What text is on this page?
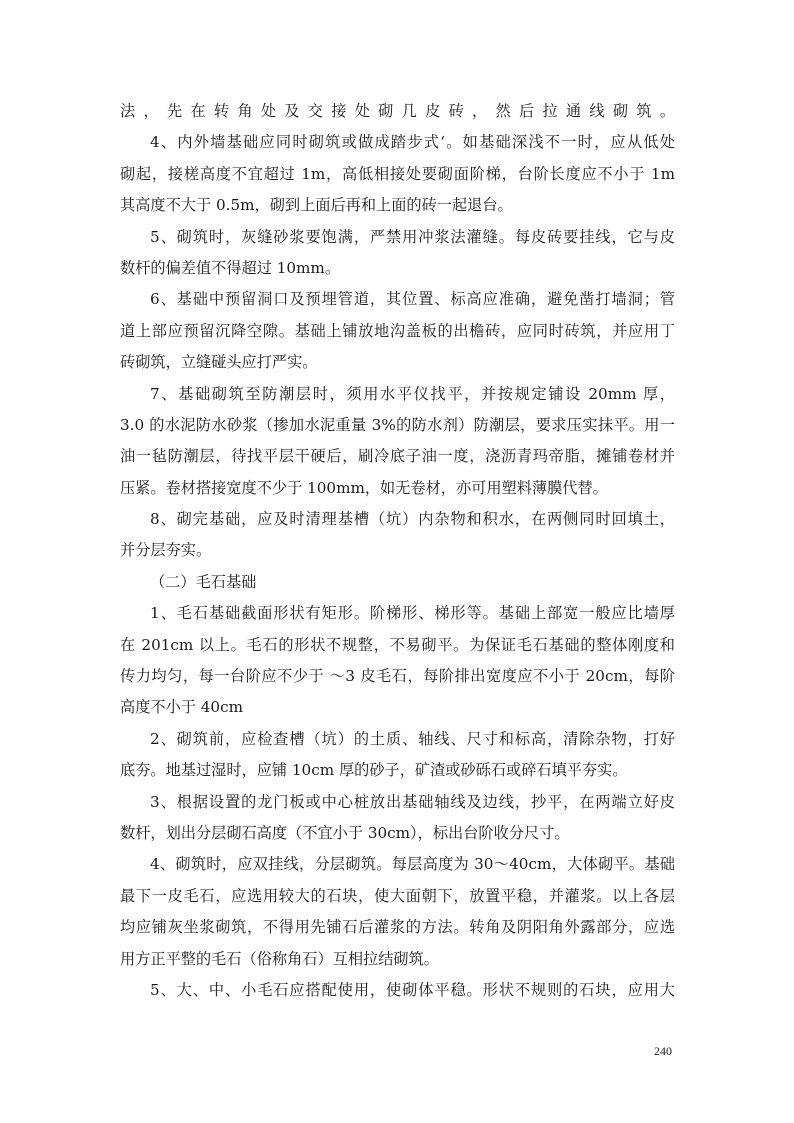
法，先在转角处及交接处砌几皮砖，然后拉通线砌筑。
4、内外墙基础应同时砌筑或做成踏步式‘。如基础深浅不一时，应从低处
砌起，接槎高度不宜超过 1m，高低相接处要砌面阶梯，台阶长度应不小于 1m
其高度不大于 0.5m，砌到上面后再和上面的砖一起退台。
5、砌筑时，灰缝砂浆要饱满，严禁用冲浆法灌缝。每皮砖要挂线，它与皮
数杆的偏差值不得超过 10mm。
6、基础中预留洞口及预埋管道，其位置、标高应准确，避免凿打墙洞；管
道上部应预留沉降空隙。基础上铺放地沟盖板的出檐砖，应同时砖筑，并应用丁
砖砌筑，立缝碰头应打严实。
7、基础砌筑至防潮层时，须用水平仪找平，并按规定铺设 20mm 厚，
3.0 的水泥防水砂浆（掺加水泥重量 3%的防水剂）防潮层，要求压实抹平。用一
油一毡防潮层，待找平层干硬后，刷冷底子油一度，浇沥青玛帝脂，摊铺卷材并
压紧。卷材搭接宽度不少于 100mm，如无卷材，亦可用塑料薄膜代替。
8、砌完基础，应及时清理基槽（坑）内杂物和积水，在两侧同时回填土，
并分层夯实。
（二）毛石基础
1、毛石基础截面形状有矩形。阶梯形、梯形等。基础上部宽一般应比墙厚
在 201cm 以上。毛石的形状不规整，不易砌平。为保证毛石基础的整体刚度和
传力均匀，每一台阶应不少于 ～3 皮毛石，每阶排出宽度应不小于 20cm，每阶
高度不小于 40cm
2、砌筑前，应检查槽（坑）的土质、轴线、尺寸和标高，清除杂物，打好
底夯。地基过湿时，应铺 10cm 厚的砂子，矿渣或砂砾石或碎石填平夯实。
3、根据设置的龙门板或中心桩放出基础轴线及边线，抄平，在两端立好皮
数杆，划出分层砌石高度（不宜小于 30cm），标出台阶收分尺寸。
4、砌筑时，应双挂线，分层砌筑。每层高度为 30～40cm，大体砌平。基础
最下一皮毛石，应选用较大的石块，使大面朝下，放置平稳，并灌浆。以上各层
均应铺灰坐浆砌筑，不得用先铺石后灌浆的方法。转角及阴阳角外露部分，应选
用方正平整的毛石（俗称角石）互相拉结砌筑。
5、大、中、小毛石应搭配使用，使砌体平稳。形状不规则的石块，应用大
240
